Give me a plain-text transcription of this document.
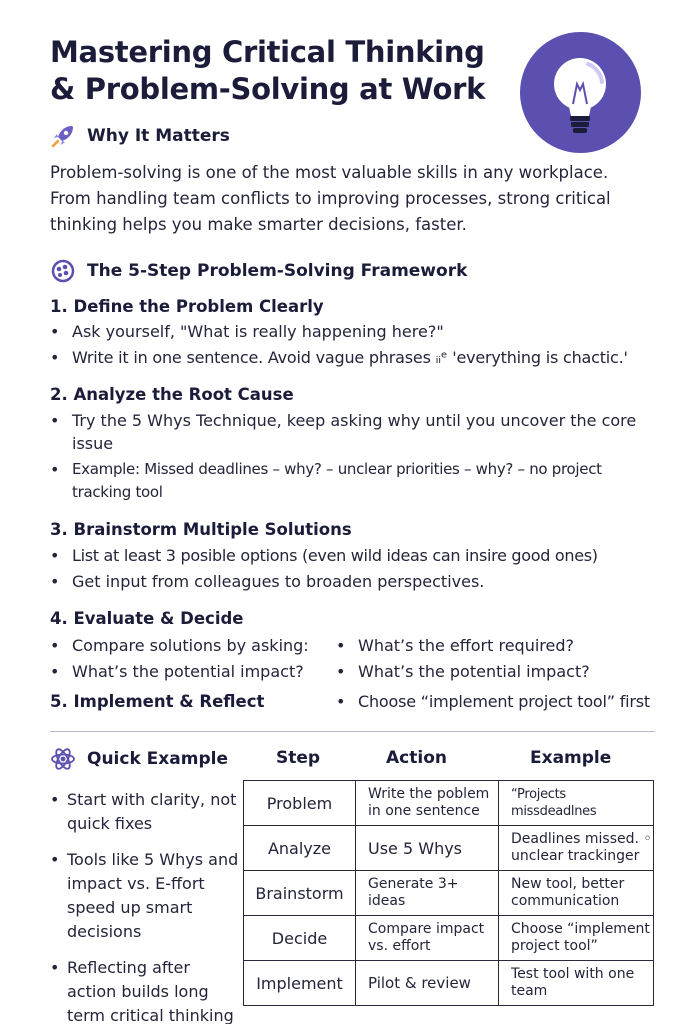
Mastering Critical Thinking & Problem-Solving at Work
Why It Matters
Problem-solving is one of the most valuable skills in any workplace. From handling team conflicts to improving processes, strong critical thinking helps you make smarter decisions, faster.
The 5-Step Problem-Solving Framework
1. Define the Problem Clearly
• Ask yourself, "What is really happening here?"
• Write it in one sentence. Avoid vague phrases ᵢᵢᵉ 'everything is chactic.'
2. Analyze the Root Cause
• Try the 5 Whys Technique, keep asking why until you uncover the core issue
• Example: Missed deadlines – why? – unclear priorities – why? – no project tracking tool
3. Brainstorm Multiple Solutions
• List at least 3 posible options (even wild ideas can insire good ones)
• Get input from colleagues to broaden perspectives.
4. Evaluate & Decide
• Compare solutions by asking:
• What’s the potential impact?
• What’s the effort required?
• What’s the potential impact?
5. Implement & Reflect	• Choose “implement project tool” first
Quick Example
• Start with clarity, not quick fixes
• Tools like 5 Whys and impact vs. E-ffort speed up smart decisions
• Reflecting after action builds long term critical thinking
Step	Action	Example
Problem	Write the poblem in one sentence	“Projects missdeadlnes
Analyze	Use 5 Whys	Deadlines missed. ◦ unclear trackinger
Brainstorm	Generate 3+ ideas	New tool, better communication
Decide	Compare impact vs. effort	Choose “implement project tool”
Implement	Pilot & review	Test tool with one team
